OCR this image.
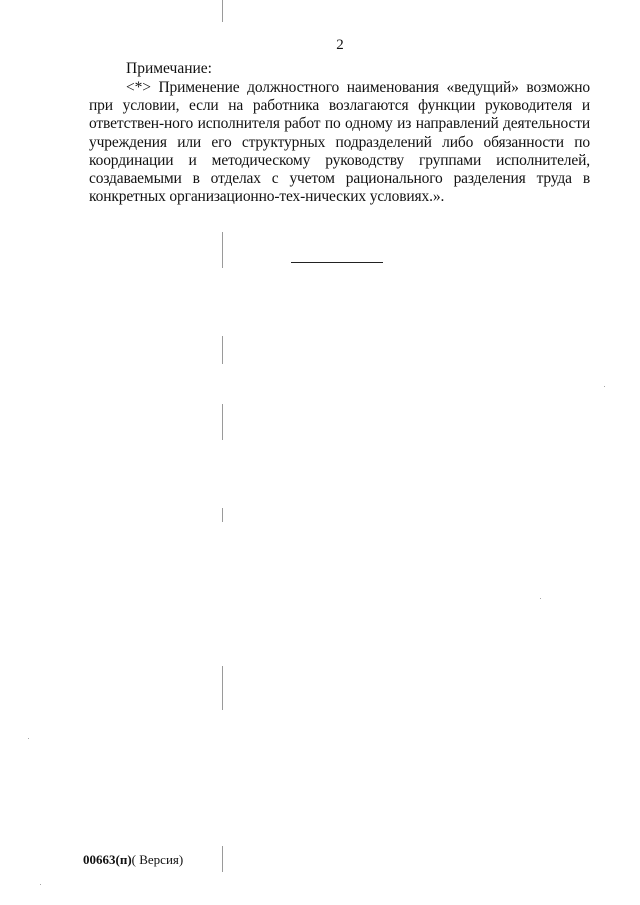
2
Примечание:
<*> Применение должностного наименования «ведущий» возможно при условии, если на работника возлагаются функции руководителя и ответствен-ного исполнителя работ по одному из направлений деятельности учреждения или его структурных подразделений либо обязанности по координации и методическому руководству группами исполнителей, создаваемыми в отделах с учетом рационального разделения труда в конкретных организационно-тех-нических условиях.».
00663(п)( Версия)
